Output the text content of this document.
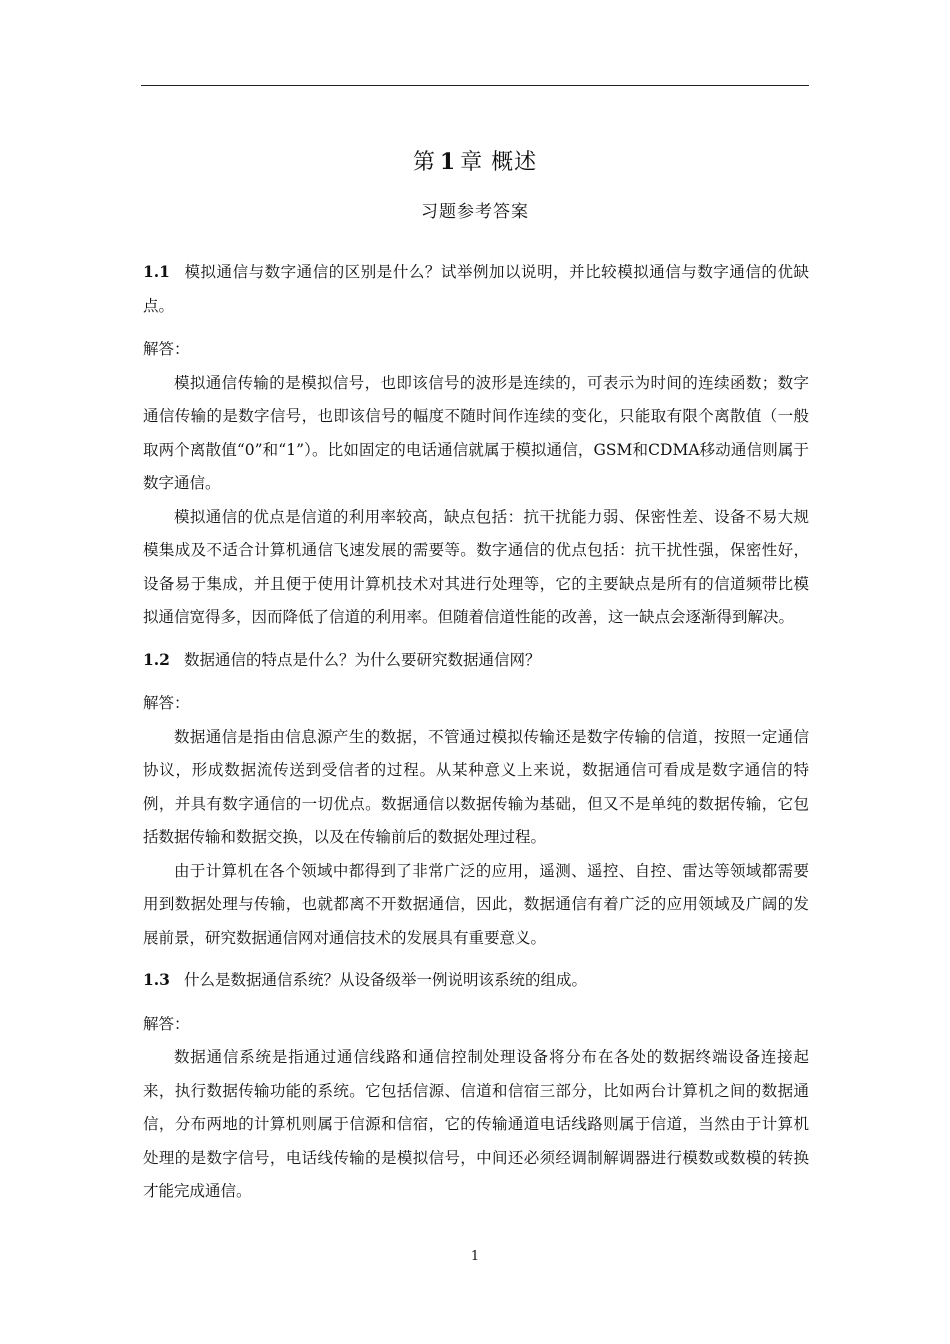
第 1 章 概述
习题参考答案

1.1 模拟通信与数字通信的区别是什么？试举例加以说明，并比较模拟通信与数字通信的优缺点。

解答：

模拟通信传输的是模拟信号，也即该信号的波形是连续的，可表示为时间的连续函数；数字通信传输的是数字信号，也即该信号的幅度不随时间作连续的变化，只能取有限个离散值（一般取两个离散值“0”和“1”）。比如固定的电话通信就属于模拟通信，GSM和CDMA移动通信则属于数字通信。

模拟通信的优点是信道的利用率较高，缺点包括：抗干扰能力弱、保密性差、设备不易大规模集成及不适合计算机通信飞速发展的需要等。数字通信的优点包括：抗干扰性强，保密性好，设备易于集成，并且便于使用计算机技术对其进行处理等，它的主要缺点是所有的信道频带比模拟通信宽得多，因而降低了信道的利用率。但随着信道性能的改善，这一缺点会逐渐得到解决。

1.2 数据通信的特点是什么？为什么要研究数据通信网？

解答：

数据通信是指由信息源产生的数据，不管通过模拟传输还是数字传输的信道，按照一定通信协议，形成数据流传送到受信者的过程。从某种意义上来说，数据通信可看成是数字通信的特例，并具有数字通信的一切优点。数据通信以数据传输为基础，但又不是单纯的数据传输，它包括数据传输和数据交换，以及在传输前后的数据处理过程。

由于计算机在各个领域中都得到了非常广泛的应用，遥测、遥控、自控、雷达等领域都需要用到数据处理与传输，也就都离不开数据通信，因此，数据通信有着广泛的应用领域及广阔的发展前景，研究数据通信网对通信技术的发展具有重要意义。

1.3 什么是数据通信系统？从设备级举一例说明该系统的组成。

解答：

数据通信系统是指通过通信线路和通信控制处理设备将分布在各处的数据终端设备连接起来，执行数据传输功能的系统。它包括信源、信道和信宿三部分，比如两台计算机之间的数据通信，分布两地的计算机则属于信源和信宿，它的传输通道电话线路则属于信道，当然由于计算机处理的是数字信号，电话线传输的是模拟信号，中间还必须经调制解调器进行模数或数模的转换才能完成通信。

1
